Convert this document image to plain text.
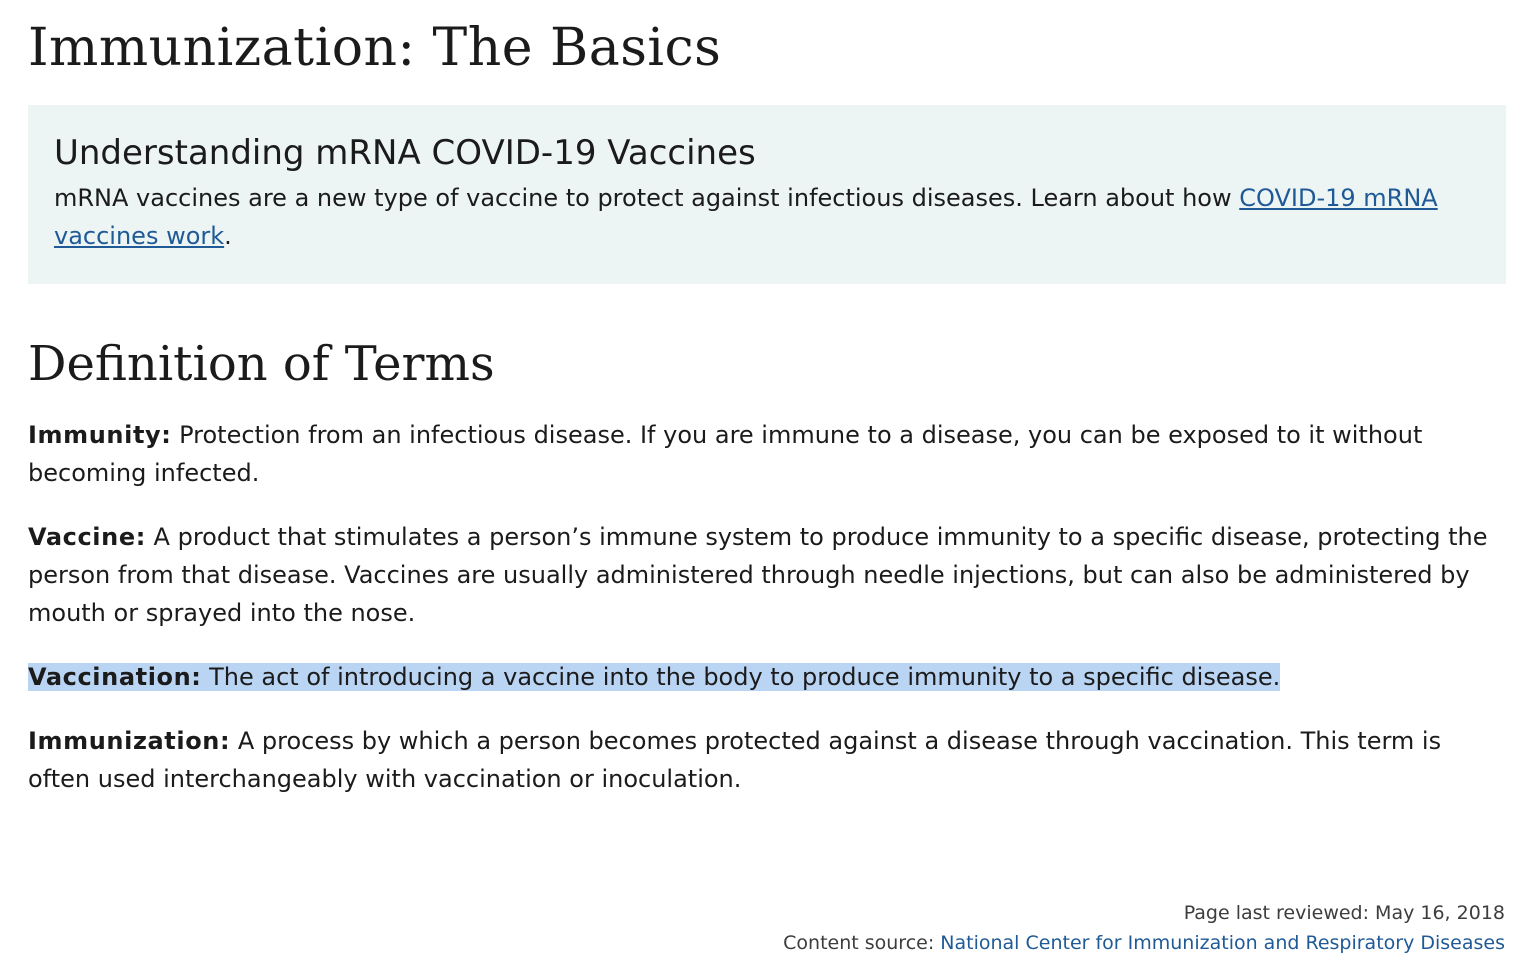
Immunization: The Basics
Understanding mRNA COVID-19 Vaccines

mRNA vaccines are a new type of vaccine to protect against infectious diseases. Learn about how COVID-19 mRNA vaccines work.

Definition of Terms

Immunity: Protection from an infectious disease. If you are immune to a disease, you can be exposed to it without becoming infected.

Vaccine: A product that stimulates a person’s immune system to produce immunity to a specific disease, protecting the person from that disease. Vaccines are usually administered through needle injections, but can also be administered by mouth or sprayed into the nose.

Vaccination: The act of introducing a vaccine into the body to produce immunity to a specific disease.

Immunization: A process by which a person becomes protected against a disease through vaccination. This term is often used interchangeably with vaccination or inoculation.

Page last reviewed: May 16, 2018
Content source: National Center for Immunization and Respiratory Diseases
